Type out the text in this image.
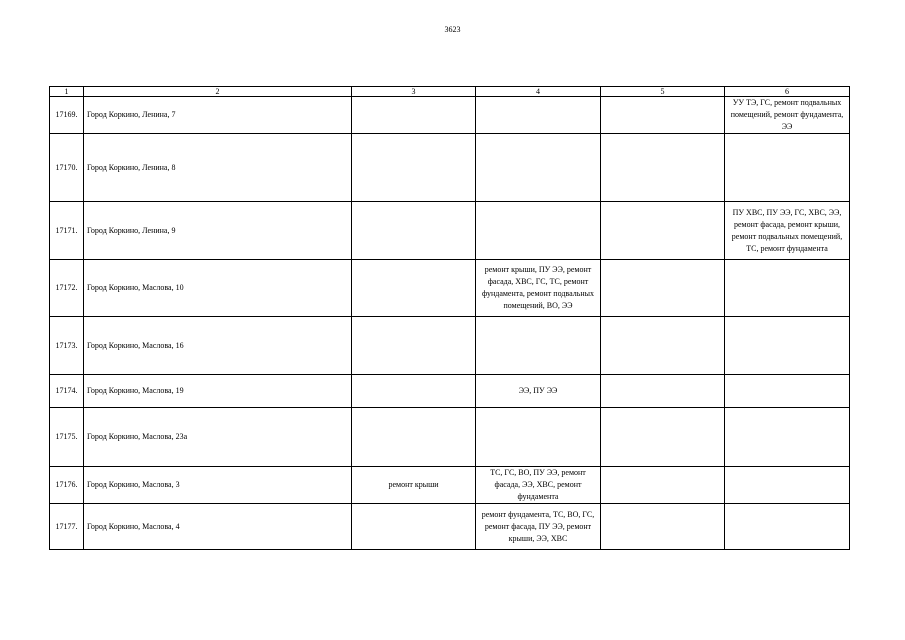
3623
1	2	3	4	5	6
17169.	Город Коркино, Ленина, 7				УУ ТЭ, ГС, ремонт подвальных помещений, ремонт фундамента, ЭЭ
17170.	Город Коркино, Ленина, 8				
17171.	Город Коркино, Ленина, 9				ПУ ХВС, ПУ ЭЭ, ГС, ХВС, ЭЭ, ремонт фасада, ремонт крыши, ремонт подвальных помещений, ТС, ремонт фундамента
17172.	Город Коркино, Маслова, 10		ремонт крыши, ПУ ЭЭ, ремонт фасада, ХВС, ГС, ТС, ремонт фундамента, ремонт подвальных помещений, ВО, ЭЭ		
17173.	Город Коркино, Маслова, 16				
17174.	Город Коркино, Маслова, 19		ЭЭ, ПУ ЭЭ		
17175.	Город Коркино, Маслова, 23а				
17176.	Город Коркино, Маслова, 3	ремонт крыши	ТС, ГС, ВО, ПУ ЭЭ, ремонт фасада, ЭЭ, ХВС, ремонт фундамента		
17177.	Город Коркино, Маслова, 4		ремонт фундамента, ТС, ВО, ГС, ремонт фасада, ПУ ЭЭ, ремонт крыши, ЭЭ, ХВС		
